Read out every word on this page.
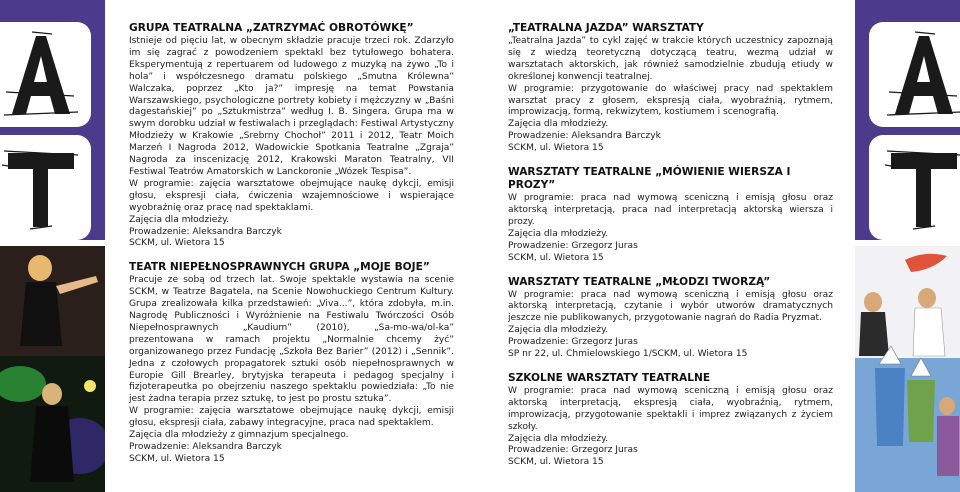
GRUPA TEATRALNA „ZATRZYMAĆ OBROTÓWKĘ”

Istnieje od pięciu lat, w obecnym składzie pracuje trzeci rok. Zdarzyło im się zagrać z powodzeniem spektakl bez tytułowego bohatera. Eksperymentują z repertuarem od ludowego z muzyką na żywo „To i hola” i współczesnego dramatu polskiego „Smutna Królewna” Walczaka, poprzez „Kto ja?” impresję na temat Powstania Warszawskiego, psychologiczne portrety kobiety i mężczyzny w „Baśni dagestańskiej” po „Sztukmistrza” według I. B. Singera. Grupa ma w swym dorobku udział w festiwalach i przeglądach: Festiwal Artystyczny Młodzieży w Krakowie „Srebrny Chochoł” 2011 i 2012, Teatr Moich Marzeń I Nagroda 2012, Wadowickie Spotkania Teatralne „Zgraja” Nagroda za inscenizację 2012, Krakowski Maraton Teatralny, VII Festiwal Teatrów Amatorskich w Lanckoronie „Wózek Tespisa”.

W programie: zajęcia warsztatowe obejmujące naukę dykcji, emisji głosu, ekspresji ciała, ćwiczenia wzajemnościowe i wspierające wyobraźnię oraz pracę nad spektaklami.

Zajęcia dla młodzieży.

Prowadzenie: Aleksandra Barczyk

SCKM, ul. Wietora 15

TEATR NIEPEŁNOSPRAWNYCH GRUPA „MOJE BOJE”

Pracuje ze sobą od trzech lat. Swoje spektakle wystawia na scenie SCKM, w Teatrze Bagatela, na Scenie Nowohuckiego Centrum Kultury. Grupa zrealizowała kilka przedstawień: „Viva...”, która zdobyła, m.in. Nagrodę Publiczności i Wyróżnienie na Festiwalu Twórczości Osób Niepełnosprawnych „Kaudium” (2010), „Sa-mo-wa/ol-ka” prezentowana w ramach projektu „Normalnie chcemy żyć” organizowanego przez Fundację „Szkoła Bez Barier” (2012) i „Sennik”. Jedna z czołowych propagatorek sztuki osób niepełnosprawnych w Europie Gill Brearley, brytyjska terapeuta i pedagog specjalny i fizjoterapeutka po obejrzeniu naszego spektaklu powiedziała: „To nie jest żadna terapia przez sztukę, to jest po prostu sztuka”.

W programie: zajęcia warsztatowe obejmujące naukę dykcji, emisji głosu, ekspresji ciała, zabawy integracyjne, praca nad spektaklem.

Zajęcia dla młodzieży z gimnazjum specjalnego.

Prowadzenie: Aleksandra Barczyk

SCKM, ul. Wietora 15

„TEATRALNA JAZDA” WARSZTATY

„Teatralna Jazda” to cykl zajęć w trakcie których uczestnicy zapoznają się z wiedzą teoretyczną dotyczącą teatru, wezmą udział w warsztatach aktorskich, jak również samodzielnie zbudują etiudy w określonej konwencji teatralnej.

W programie: przygotowanie do właściwej pracy nad spektaklem warsztat pracy z głosem, ekspresją ciała, wyobraźnią, rytmem, improwizacją, formą, rekwizytem, kostiumem i scenografią.

Zajęcia dla młodzieży.

Prowadzenie: Aleksandra Barczyk

SCKM, ul. Wietora 15

WARSZTATY TEATRALNE „MÓWIENIE WIERSZA I PROZY”

W programie: praca nad wymową sceniczną i emisją głosu oraz aktorską interpretacją, praca nad interpretacją aktorską wiersza i prozy.

Zajęcia dla młodzieży.

Prowadzenie: Grzegorz Juras

SCKM, ul. Wietora 15

WARSZTATY TEATRALNE „MŁODZI TWORZĄ”

W programie: praca nad wymową sceniczną i emisją głosu oraz aktorską interpretacją, czytanie i wybór utworów dramatycznych jeszcze nie publikowanych, przygotowanie nagrań do Radia Pryzmat.

Zajęcia dla młodzieży.

Prowadzenie: Grzegorz Juras

SP nr 22, ul. Chmielowskiego 1/SCKM, ul. Wietora 15

SZKOLNE WARSZTATY TEATRALNE

W programie: praca nad wymową sceniczną i emisją głosu oraz aktorską interpretacją, ekspresją ciała, wyobraźnią, rytmem, improwizacją, przygotowanie spektakli i imprez związanych z życiem szkoły.

Zajęcia dla młodzieży.

Prowadzenie: Grzegorz Juras

SCKM, ul. Wietora 15
